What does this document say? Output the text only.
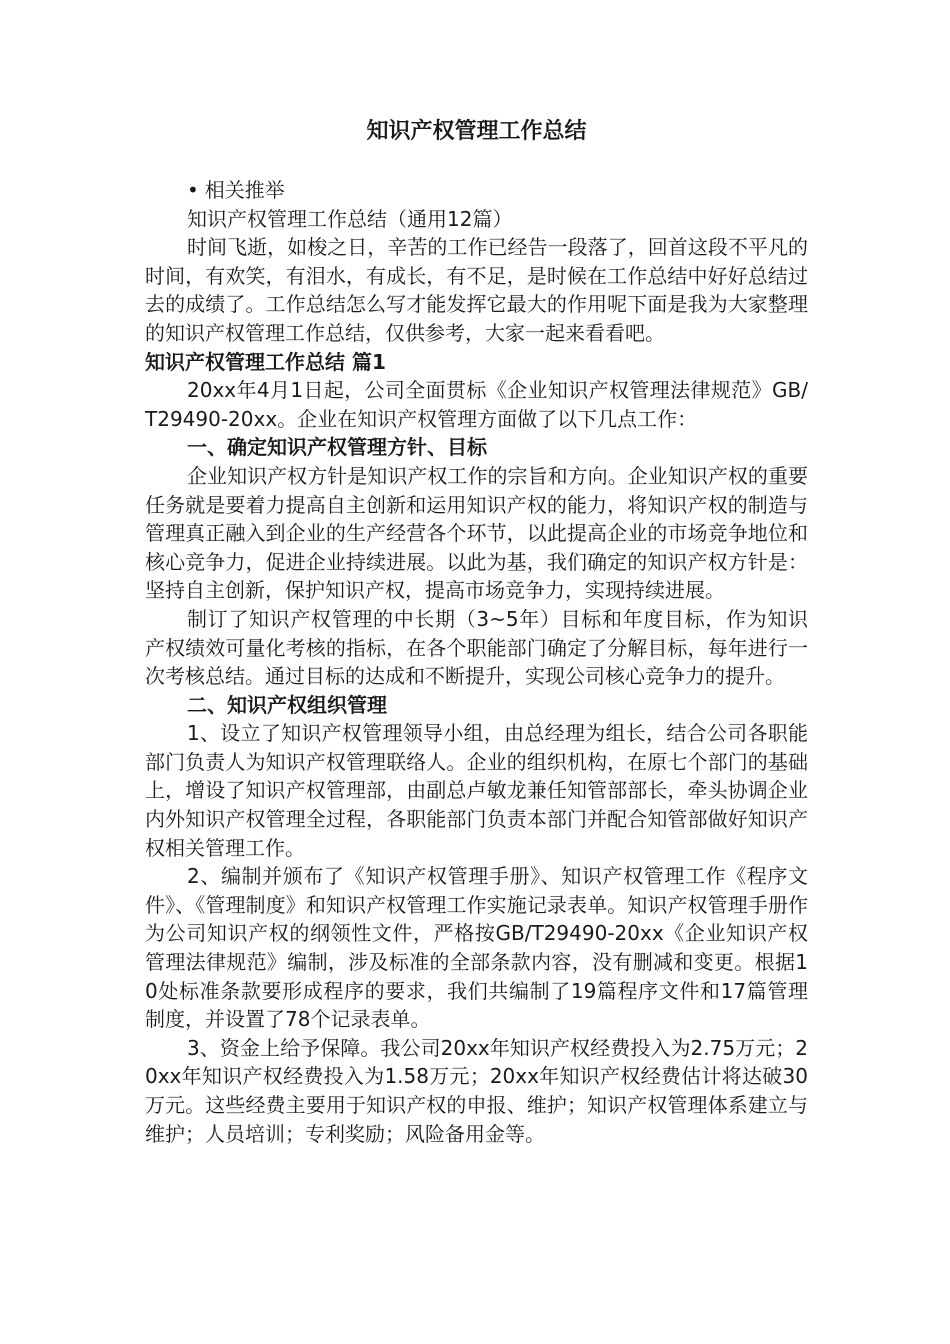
知识产权管理工作总结

• 相关推举

知识产权管理工作总结（通用12篇）

时间飞逝，如梭之日，辛苦的工作已经告一段落了，回首这段不平凡的时间，有欢笑，有泪水，有成长，有不足，是时候在工作总结中好好总结过去的成绩了。工作总结怎么写才能发挥它最大的作用呢下面是我为大家整理的知识产权管理工作总结，仅供参考，大家一起来看看吧。

知识产权管理工作总结 篇1

20xx年4月1日起，公司全面贯标《企业知识产权管理法律规范》GB/T29490-20xx。企业在知识产权管理方面做了以下几点工作：

一、确定知识产权管理方针、目标

企业知识产权方针是知识产权工作的宗旨和方向。企业知识产权的重要任务就是要着力提高自主创新和运用知识产权的能力，将知识产权的制造与管理真正融入到企业的生产经营各个环节，以此提高企业的市场竞争地位和核心竞争力，促进企业持续进展。以此为基，我们确定的知识产权方针是：坚持自主创新，保护知识产权，提高市场竞争力，实现持续进展。

制订了知识产权管理的中长期（3~5年）目标和年度目标，作为知识产权绩效可量化考核的指标，在各个职能部门确定了分解目标，每年进行一次考核总结。通过目标的达成和不断提升，实现公司核心竞争力的提升。

二、知识产权组织管理

1、设立了知识产权管理领导小组，由总经理为组长，结合公司各职能部门负责人为知识产权管理联络人。企业的组织机构，在原七个部门的基础上，增设了知识产权管理部，由副总卢敏龙兼任知管部部长，牵头协调企业内外知识产权管理全过程，各职能部门负责本部门并配合知管部做好知识产权相关管理工作。

2、编制并颁布了《知识产权管理手册》、知识产权管理工作《程序文件》、《管理制度》和知识产权管理工作实施记录表单。知识产权管理手册作为公司知识产权的纲领性文件，严格按GB/T29490-20xx《企业知识产权管理法律规范》编制，涉及标准的全部条款内容，没有删减和变更。根据10处标准条款要形成程序的要求，我们共编制了19篇程序文件和17篇管理制度，并设置了78个记录表单。

3、资金上给予保障。我公司20xx年知识产权经费投入为2.75万元；20xx年知识产权经费投入为1.58万元；20xx年知识产权经费估计将达破30万元。这些经费主要用于知识产权的申报、维护；知识产权管理体系建立与维护；人员培训；专利奖励；风险备用金等。
